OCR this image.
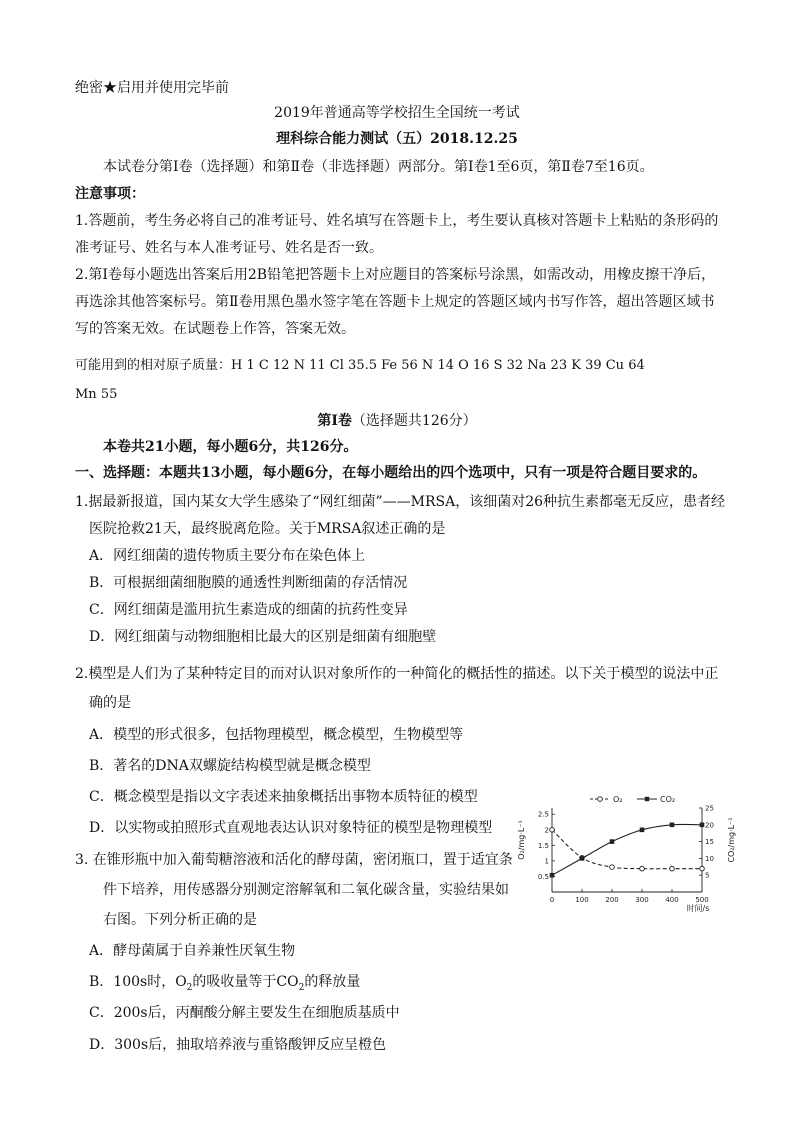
绝密★启用并使用完毕前
2019年普通高等学校招生全国统一考试
理科综合能力测试（五）2018.12.25
本试卷分第Ⅰ卷（选择题）和第Ⅱ卷（非选择题）两部分。第Ⅰ卷1至6页，第Ⅱ卷7至16页。
注意事项：
1.答题前，考生务必将自己的准考证号、姓名填写在答题卡上，考生要认真核对答题卡上粘贴的条形码的
准考证号、姓名与本人准考证号、姓名是否一致。
2.第Ⅰ卷每小题选出答案后用2B铅笔把答题卡上对应题目的答案标号涂黑，如需改动，用橡皮擦干净后，
再选涂其他答案标号。第Ⅱ卷用黑色墨水签字笔在答题卡上规定的答题区域内书写作答，超出答题区域书
写的答案无效。在试题卷上作答，答案无效。
可能用到的相对原子质量：H 1 C 12 N 11 Cl 35.5 Fe 56 N 14 O 16 S 32 Na 23 K 39 Cu 64
Mn 55
第Ⅰ卷（选择题共126分）
本卷共21小题，每小题6分，共126分。
一、选择题：本题共13小题，每小题6分，在每小题给出的四个选项中，只有一项是符合题目要求的。
1.据最新报道，国内某女大学生感染了“网红细菌”——MRSA，该细菌对26种抗生素都毫无反应，患者经
医院抢救21天，最终脱离危险。关于MRSA叙述正确的是
A．网红细菌的遗传物质主要分布在染色体上
B．可根据细菌细胞膜的通透性判断细菌的存活情况
C．网红细菌是滥用抗生素造成的细菌的抗药性变异
D．网红细菌与动物细胞相比最大的区别是细菌有细胞壁
2.模型是人们为了某种特定目的而对认识对象所作的一种简化的概括性的描述。以下关于模型的说法中正
确的是
A．模型的形式很多，包括物理模型，概念模型，生物模型等
B．著名的DNA双螺旋结构模型就是概念模型
C．概念模型是指以文字表述来抽象概括出事物本质特征的模型
D．以实物或拍照形式直观地表达认识对象特征的模型是物理模型
3. 在锥形瓶中加入葡萄糖溶液和活化的酵母菌，密闭瓶口，置于适宜条
件下培养，用传感器分别测定溶解氧和二氧化碳含量，实验结果如
右图。下列分析正确的是
A．酵母菌属于自养兼性厌氧生物
B．100s时，$O_2$的吸收量等于$CO_2$的释放量
C．200s后，丙酮酸分解主要发生在细胞质基质中
D．300s后，抽取培养液与重铬酸钾反应呈橙色
O₂	CO₂
0	100 200 300 400 500
0.5
1
1.5
2
2.5
5
10
15
20
25
O₂/mg·L⁻¹	CO₂/mg·L⁻¹
时间/s
